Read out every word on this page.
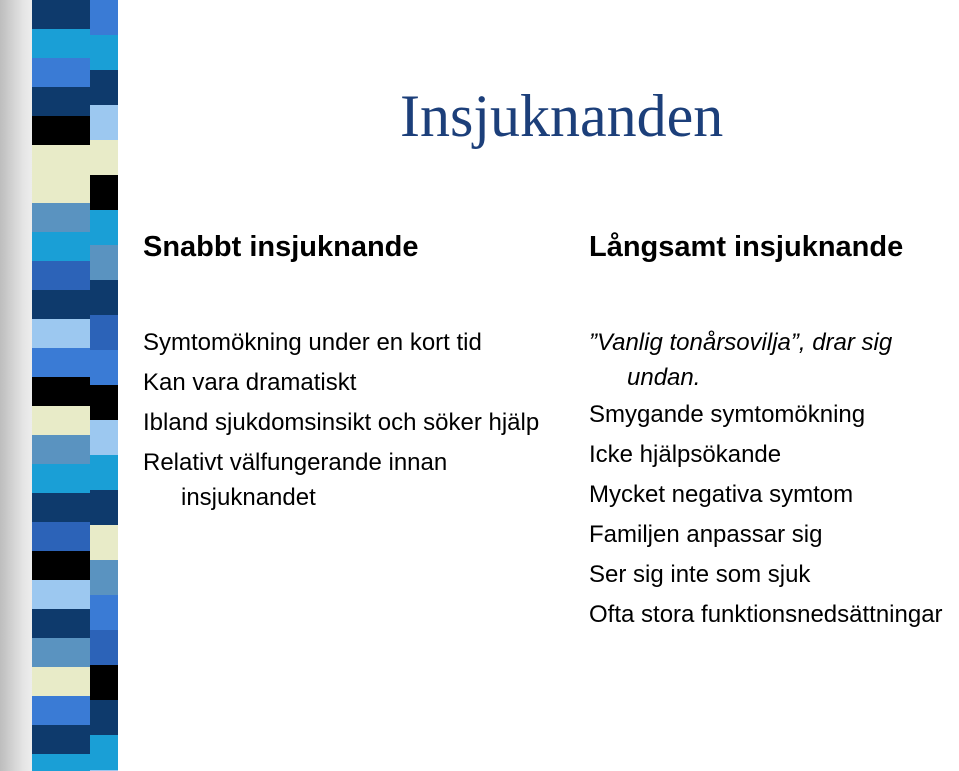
Insjuknanden
Snabbt insjuknande	Långsamt insjuknande
Symtomökning under en kort tid
Kan vara dramatiskt
Ibland sjukdomsinsikt och söker hjälp
Relativt välfungerande innan insjuknandet
”Vanlig tonårsovilja”, drar sig undan.
Smygande symtomökning
Icke hjälpsökande
Mycket negativa symtom
Familjen anpassar sig
Ser sig inte som sjuk
Ofta stora funktionsnedsättningar
